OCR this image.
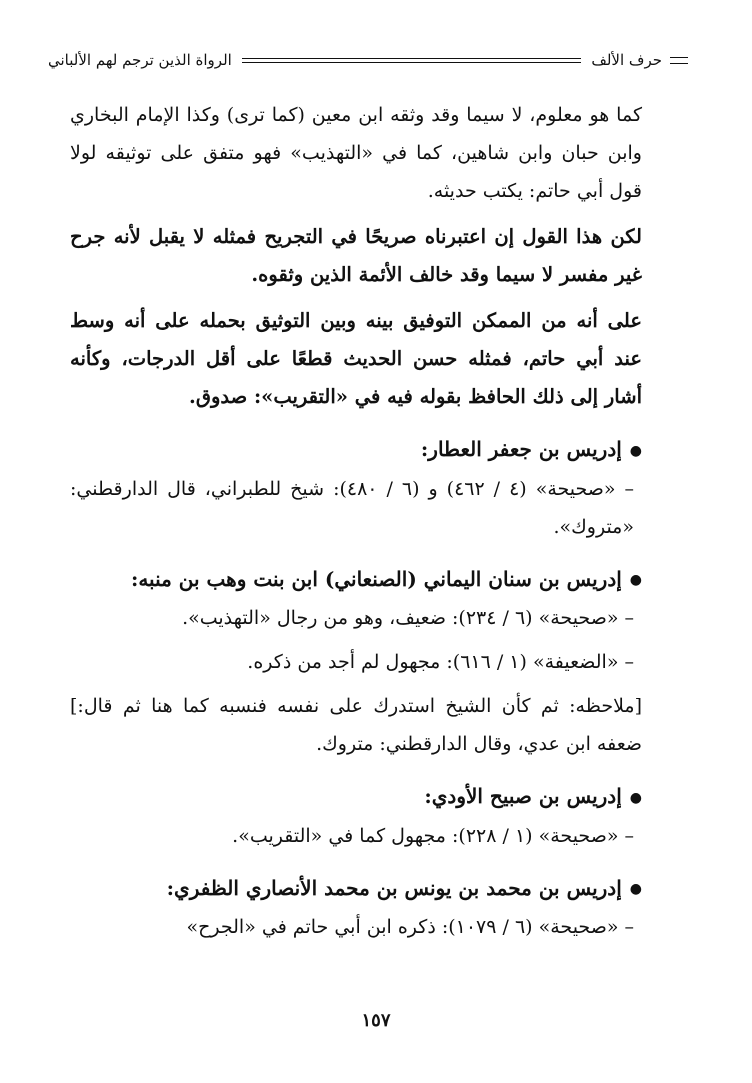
حرف الألف
الرواة الذين ترجم لهم الألباني

كما هو معلوم، لا سيما وقد وثقه ابن معين (كما ترى) وكذا الإمام البخاري وابن حبان وابن شاهين، كما في «التهذيب» فهو متفق على توثيقه لولا قول أبي حاتم: يكتب حديثه.

لكن هذا القول إن اعتبرناه صريحًا في التجريح فمثله لا يقبل لأنه جرح غير مفسر لا سيما وقد خالف الأئمة الذين وثقوه.

على أنه من الممكن التوفيق بينه وبين التوثيق بحمله على أنه وسط عند أبي حاتم، فمثله حسن الحديث قطعًا على أقل الدرجات، وكأنه أشار إلى ذلك الحافظ بقوله فيه في «التقريب»: صدوق.

●إدريس بن جعفر العطار:

– «صحيحة» (٤ / ٤٦٢) و (٦ / ٤٨٠): شيخ للطبراني، قال الدارقطني: «متروك».

●إدريس بن سنان اليماني (الصنعاني) ابن بنت وهب بن منبه:

– «صحيحة» (٦ / ٢٣٤): ضعيف، وهو من رجال «التهذيب».

– «الضعيفة» (١ / ٦١٦): مجهول لم أجد من ذكره.

[ملاحظه: ثم كأن الشيخ استدرك على نفسه فنسبه كما هنا ثم قال:] ضعفه ابن عدي، وقال الدارقطني: متروك.

●إدريس بن صبيح الأودي:

– «صحيحة» (١ / ٢٢٨): مجهول كما في «التقريب».

●إدريس بن محمد بن يونس بن محمد الأنصاري الظفري:

– «صحيحة» (٦ / ١٠٧٩): ذكره ابن أبي حاتم في «الجرح»

١٥٧
